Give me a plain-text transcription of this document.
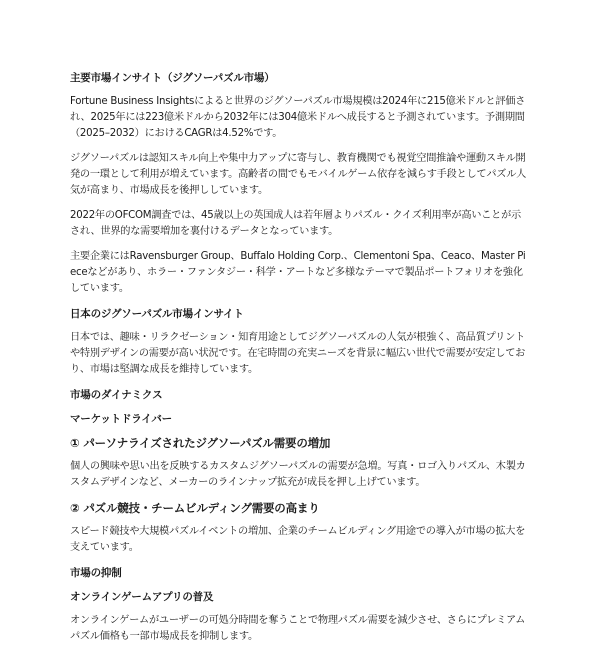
主要市場インサイト（ジグソーパズル市場）

Fortune Business Insightsによると世界のジグソーパズル市場規模は2024年に215億米ドルと評価され、2025年には223億米ドルから2032年には304億米ドルへ成長すると予測されています。予測期間（2025–2032）におけるCAGRは4.52%です。

ジグソーパズルは認知スキル向上や集中力アップに寄与し、教育機関でも視覚空間推論や運動スキル開発の一環として利用が増えています。高齢者の間でもモバイルゲーム依存を減らす手段としてパズル人気が高まり、市場成長を後押ししています。

2022年のOFCOM調査では、45歳以上の英国成人は若年層よりパズル・クイズ利用率が高いことが示され、世界的な需要増加を裏付けるデータとなっています。

主要企業にはRavensburger Group、Buffalo Holding Corp.、Clementoni Spa、Ceaco、Master Pieceなどがあり、ホラー・ファンタジー・科学・アートなど多様なテーマで製品ポートフォリオを強化しています。

日本のジグソーパズル市場インサイト

日本では、趣味・リラクゼーション・知育用途としてジグソーパズルの人気が根強く、高品質プリントや特別デザインの需要が高い状況です。在宅時間の充実ニーズを背景に幅広い世代で需要が安定しており、市場は堅調な成長を維持しています。

市場のダイナミクス
マーケットドライバー
① パーソナライズされたジグソーパズル需要の増加

個人の興味や思い出を反映するカスタムジグソーパズルの需要が急増。写真・ロゴ入りパズル、木製カスタムデザインなど、メーカーのラインナップ拡充が成長を押し上げています。

② パズル競技・チームビルディング需要の高まり

スピード競技や大規模パズルイベントの増加、企業のチームビルディング用途での導入が市場の拡大を支えています。

市場の抑制
オンラインゲームアプリの普及

オンラインゲームがユーザーの可処分時間を奪うことで物理パズル需要を減少させ、さらにプレミアムパズル価格も一部市場成長を抑制します。
